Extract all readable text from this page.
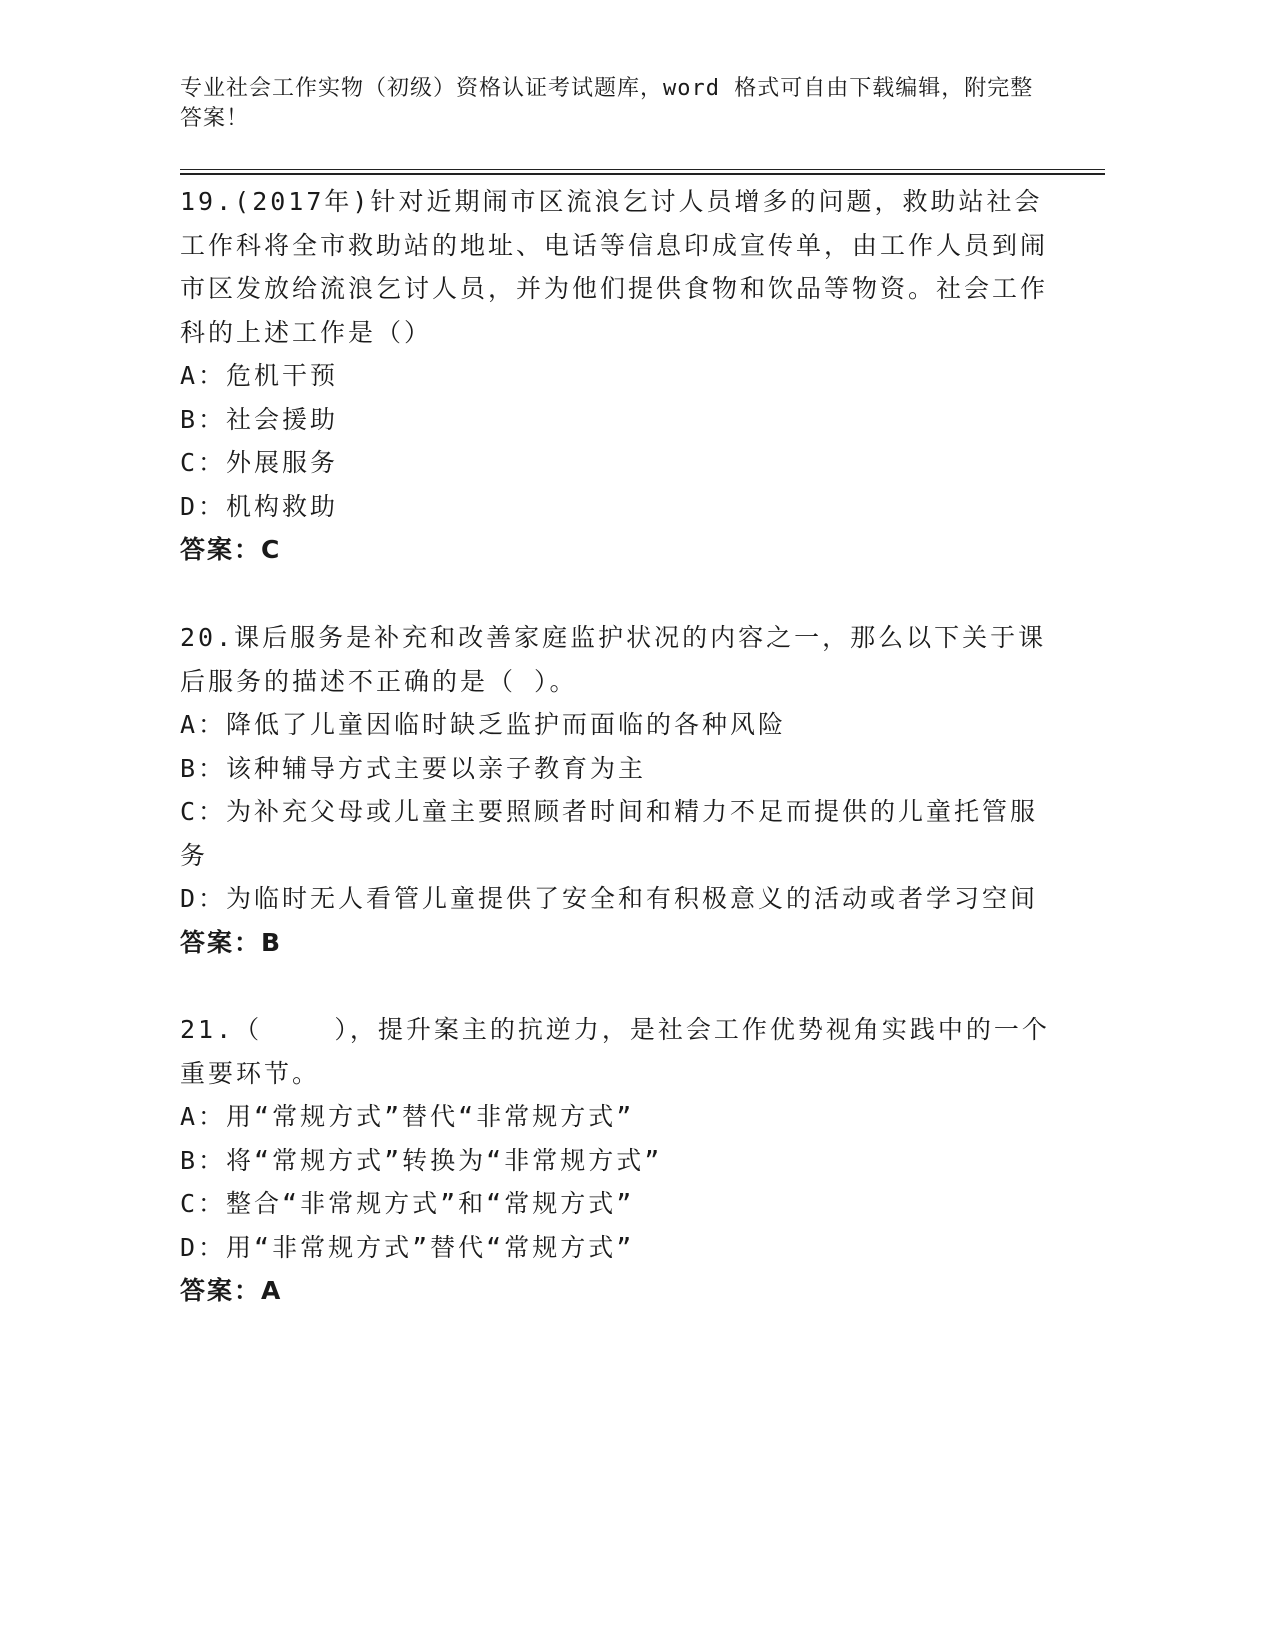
专业社会工作实物（初级）资格认证考试题库，word 格式可自由下载编辑，附完整答案！
19.(2017年)针对近期闹市区流浪乞讨人员增多的问题，救助站社会工作科将全市救助站的地址、电话等信息印成宣传单，由工作人员到闹市区发放给流浪乞讨人员，并为他们提供食物和饮品等物资。社会工作科的上述工作是（）
A：危机干预
B：社会援助
C：外展服务
D：机构救助
答案：C
20.课后服务是补充和改善家庭监护状况的内容之一，那么以下关于课后服务的描述不正确的是（ ）。
A：降低了儿童因临时缺乏监护而面临的各种风险
B：该种辅导方式主要以亲子教育为主
C：为补充父母或儿童主要照顾者时间和精力不足而提供的儿童托管服务
D：为临时无人看管儿童提供了安全和有积极意义的活动或者学习空间
答案：B
21.（    ），提升案主的抗逆力，是社会工作优势视角实践中的一个重要环节。
A：用“常规方式”替代“非常规方式”
B：将“常规方式”转换为“非常规方式”
C：整合“非常规方式”和“常规方式”
D：用“非常规方式”替代“常规方式”
答案：A
